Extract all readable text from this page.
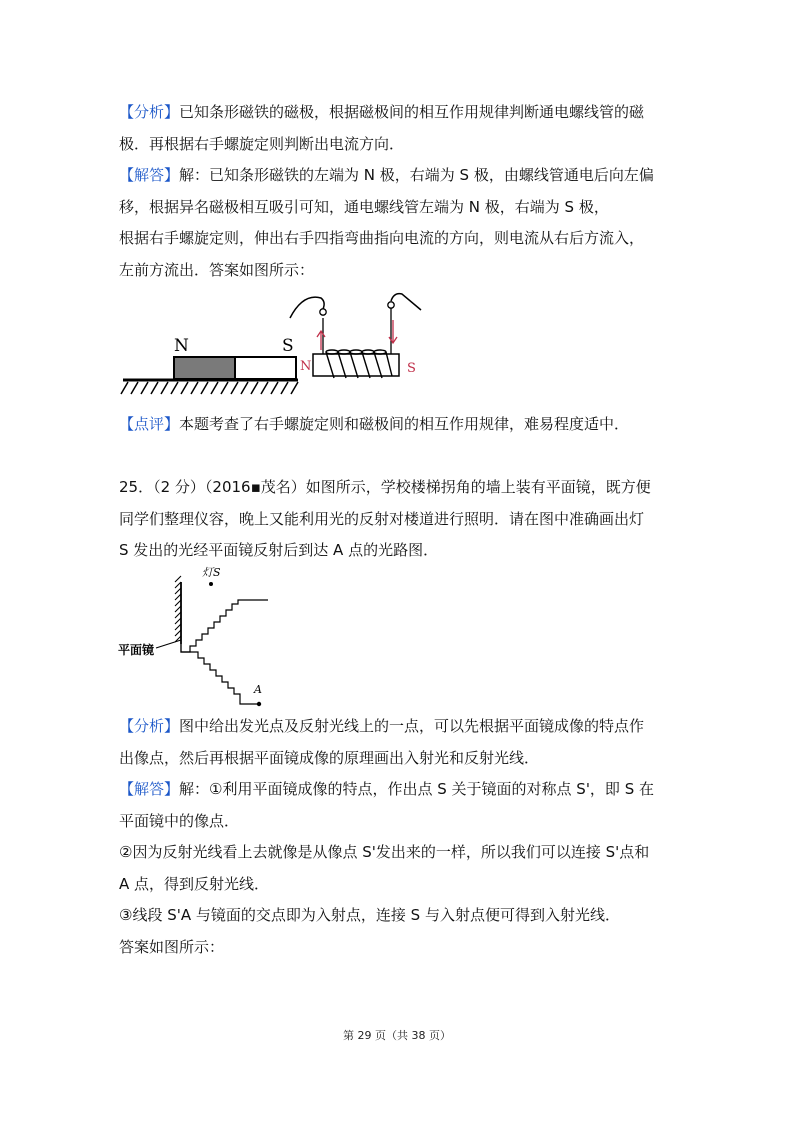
【分析】已知条形磁铁的磁极，根据磁极间的相互作用规律判断通电螺线管的磁
极．再根据右手螺旋定则判断出电流方向．
【解答】解：已知条形磁铁的左端为 N 极，右端为 S 极，由螺线管通电后向左偏
移，根据异名磁极相互吸引可知，通电螺线管左端为 N 极，右端为 S 极，
根据右手螺旋定则，伸出右手四指弯曲指向电流的方向，则电流从右后方流入，
左前方流出．答案如图所示：
N	S
N	S
【点评】本题考查了右手螺旋定则和磁极间的相互作用规律，难易程度适中．
25．（2 分）（2016▪茂名）如图所示，学校楼梯拐角的墙上装有平面镜，既方便
同学们整理仪容，晚上又能利用光的反射对楼道进行照明．请在图中准确画出灯
S 发出的光经平面镜反射后到达 A 点的光路图．
灯S
平面镜
A
【分析】图中给出发光点及反射光线上的一点，可以先根据平面镜成像的特点作
出像点，然后再根据平面镜成像的原理画出入射光和反射光线．
【解答】解：①利用平面镜成像的特点，作出点 S 关于镜面的对称点 S'，即 S 在
平面镜中的像点．
②因为反射光线看上去就像是从像点 S'发出来的一样，所以我们可以连接 S'点和
A 点，得到反射光线．
③线段 S'A 与镜面的交点即为入射点，连接 S 与入射点便可得到入射光线．
答案如图所示：
第 29 页（共 38 页）
